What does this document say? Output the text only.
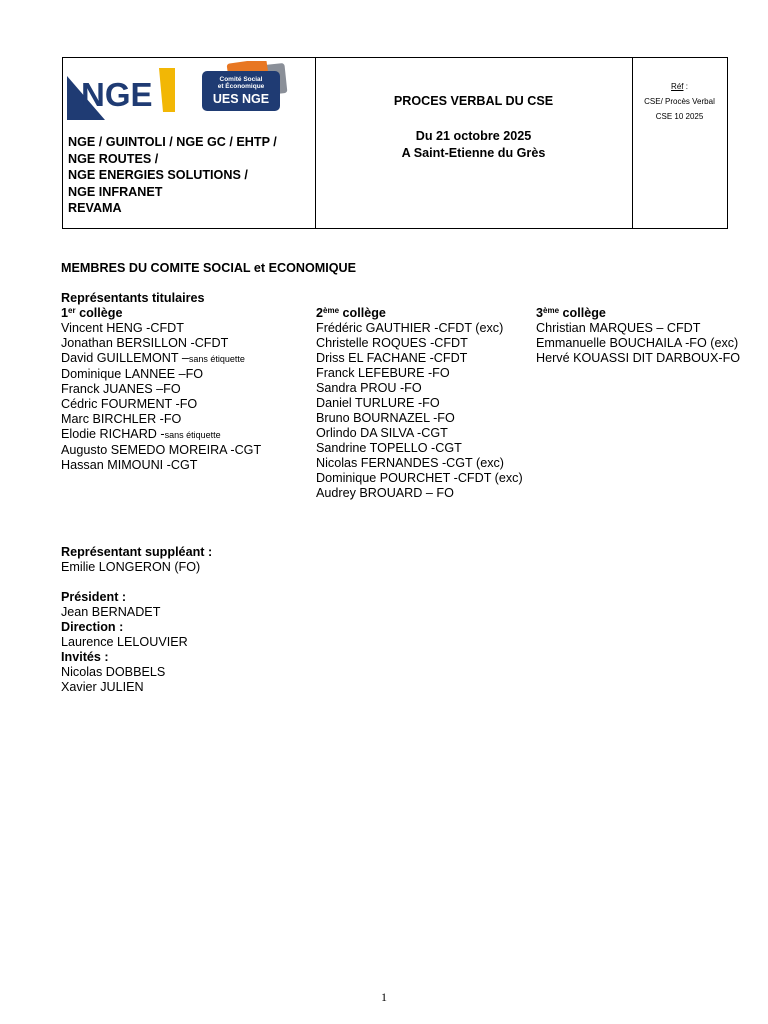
NGE	Comité Social
et Économique
UES NGE
NGE / GUINTOLI / NGE GC / EHTP /
NGE ROUTES /
NGE ENERGIES SOLUTIONS /
NGE INFRANET
REVAMA
PROCES VERBAL DU CSE
Du 21 octobre 2025
A Saint-Etienne du Grès
Réf :
CSE/ Procès Verbal
CSE 10 2025
MEMBRES DU COMITE SOCIAL et ECONOMIQUE
Représentants titulaires
1er collège
Vincent HENG -CFDT
Jonathan BERSILLON -CFDT
David GUILLEMONT –sans étiquette
Dominique LANNEE –FO
Franck JUANES –FO
Cédric FOURMENT -FO
Marc BIRCHLER -FO
Elodie RICHARD -sans étiquette
Augusto SEMEDO MOREIRA -CGT
Hassan MIMOUNI -CGT
2ème collège
Frédéric GAUTHIER -CFDT (exc)
Christelle ROQUES -CFDT
Driss EL FACHANE -CFDT
Franck LEFEBURE -FO
Sandra PROU -FO
Daniel TURLURE -FO
Bruno BOURNAZEL -FO
Orlindo DA SILVA -CGT
Sandrine TOPELLO -CGT
Nicolas FERNANDES -CGT (exc)
Dominique POURCHET -CFDT (exc)
Audrey BROUARD – FO
3ème collège
Christian MARQUES – CFDT
Emmanuelle BOUCHAILA -FO (exc)
Hervé KOUASSI DIT DARBOUX-FO
Représentant suppléant :
Emilie LONGERON (FO)
Président :
Jean BERNADET
Direction :
Laurence LELOUVIER
Invités :
Nicolas DOBBELS
Xavier JULIEN
1
